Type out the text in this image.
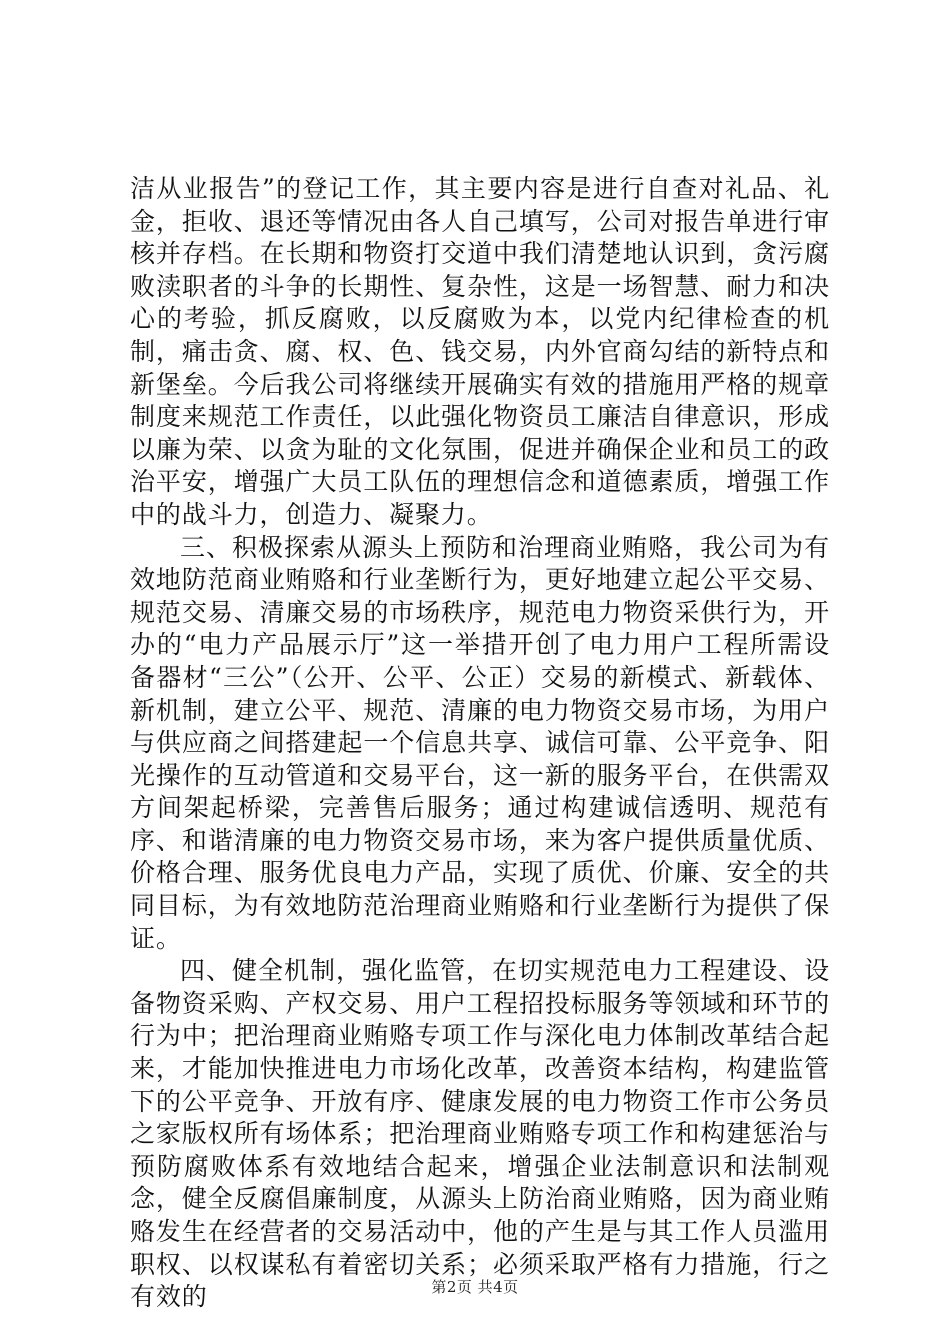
洁从业报告”的登记工作，其主要内容是进行自查对礼品、礼金，拒收、退还等情况由各人自己填写，公司对报告单进行审核并存档。在长期和物资打交道中我们清楚地认识到，贪污腐败渎职者的斗争的长期性、复杂性，这是一场智慧、耐力和决心的考验，抓反腐败，以反腐败为本，以党内纪律检查的机制，痛击贪、腐、权、色、钱交易，内外官商勾结的新特点和新堡垒。今后我公司将继续开展确实有效的措施用严格的规章制度来规范工作责任，以此强化物资员工廉洁自律意识，形成以廉为荣、以贪为耻的文化氛围，促进并确保企业和员工的政治平安，增强广大员工队伍的理想信念和道德素质，增强工作中的战斗力，创造力、凝聚力。

三、积极探索从源头上预防和治理商业贿赂，我公司为有效地防范商业贿赂和行业垄断行为，更好地建立起公平交易、规范交易、清廉交易的市场秩序，规范电力物资采供行为，开办的“电力产品展示厅”这一举措开创了电力用户工程所需设备器材“三公”（公开、公平、公正）交易的新模式、新载体、新机制，建立公平、规范、清廉的电力物资交易市场，为用户与供应商之间搭建起一个信息共享、诚信可靠、公平竞争、阳光操作的互动管道和交易平台，这一新的服务平台，在供需双方间架起桥梁，完善售后服务；通过构建诚信透明、规范有序、和谐清廉的电力物资交易市场，来为客户提供质量优质、价格合理、服务优良电力产品，实现了质优、价廉、安全的共同目标，为有效地防范治理商业贿赂和行业垄断行为提供了保证。

四、健全机制，强化监管，在切实规范电力工程建设、设备物资采购、产权交易、用户工程招投标服务等领域和环节的行为中；把治理商业贿赂专项工作与深化电力体制改革结合起来，才能加快推进电力市场化改革，改善资本结构，构建监管下的公平竞争、开放有序、健康发展的电力物资工作市公务员之家版权所有场体系；把治理商业贿赂专项工作和构建惩治与预防腐败体系有效地结合起来，增强企业法制意识和法制观念，健全反腐倡廉制度，从源头上防治商业贿赂，因为商业贿赂发生在经营者的交易活动中，他的产生是与其工作人员滥用职权、以权谋私有着密切关系；必须采取严格有力措施，行之有效的	第2页 共4页
